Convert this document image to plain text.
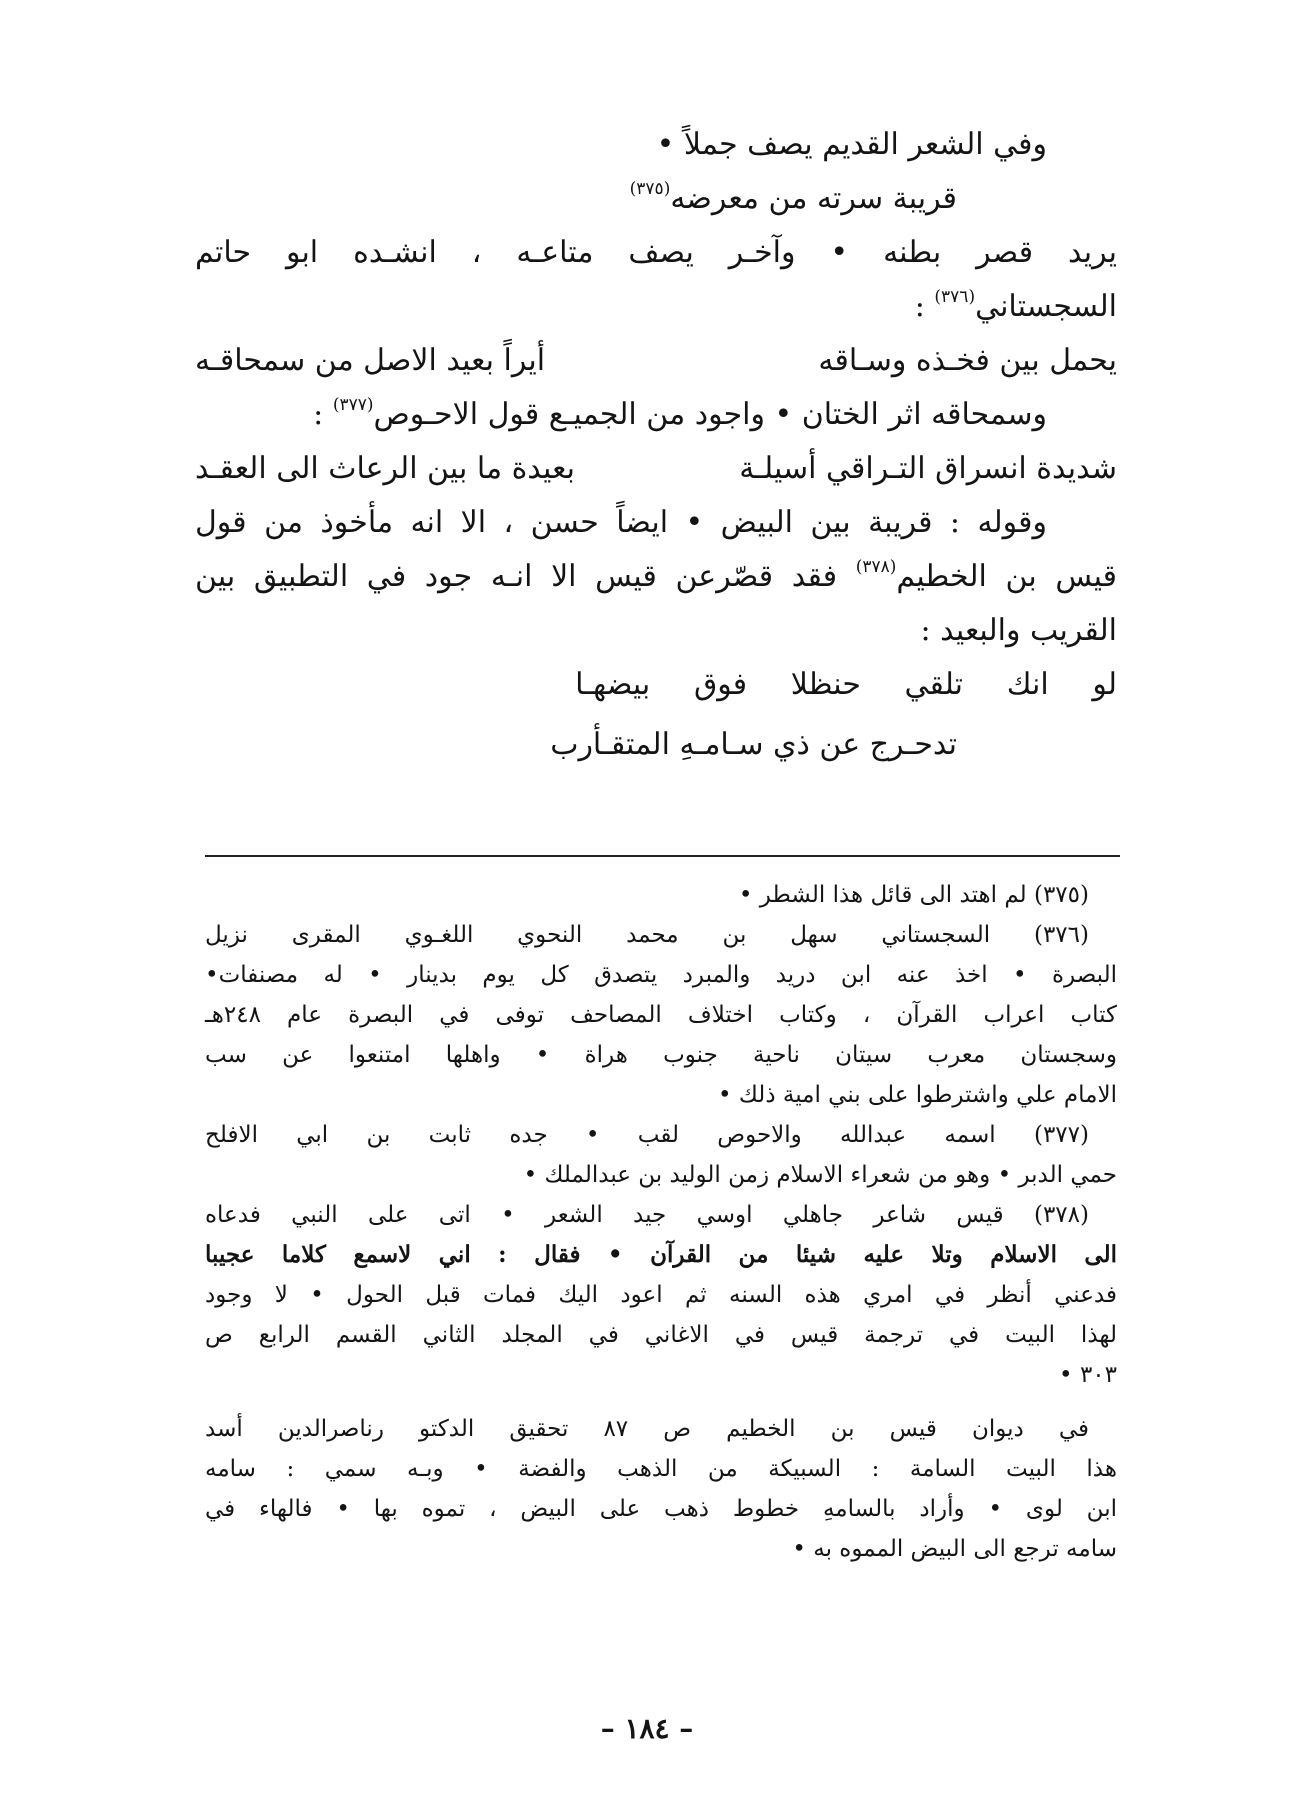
وفي الشعر القديم يصف جملاً •
قريبة سرته من معرضه$^{(٣٧٥)}$
يريد قصر بطنه • وآخـر يصف متاعـه ، انشـده ابو حاتم
السجستاني$^{(٣٧٦)}$ :
يحمل بين فخـذه وسـاقه
أيراً بعيد الاصل من سمحاقـه
وسمحاقه اثر الختان • واجود من الجميـع قول الاحـوص$^{(٣٧٧)}$ :
شديدة انسراق التـراقي أسيلـة
بعيدة ما بين الرعاث الى العقـد
وقوله : قريبة بين البيض • ايضاً حسن ، الا انه مأخوذ من قول
قيس بن الخطيم$^{(٣٧٨)}$ فقد قصّرعن قيس الا انـه جود في التطبيق بين
القريب والبعيد :
لو
انك
تلقي
حنظلا
فوق
بيضهـا
تدحـرج عن ذي سـامـهِ المتقـأرب
(٣٧٥) لم اهتد الى قائل هذا الشطر •
(٣٧٦) السجستاني سهل بن محمد النحوي اللغـوي المقرى نزيل
البصرة • اخذ عنه ابن دريد والمبرد يتصدق كل يوم بدينار • له مصنفات•
كتاب اعراب القرآن ، وكتاب اختلاف المصاحف توفى في البصرة عام ٢٤٨هـ
وسجستان معرب سيتان ناحية جنوب هراة • واهلها امتنعوا عن سب
الامام علي واشترطوا على بني امية ذلك •
(٣٧٧) اسمه عبدالله والاحوص لقب • جده ثابت بن ابي الافلح
حمي الدبر • وهو من شعراء الاسلام زمن الوليد بن عبدالملك •
(٣٧٨) قيس شاعر جاهلي اوسي جيد الشعر • اتى على النبي فدعاه
الى الاسلام وتلا عليه شيئا من القرآن • فقال : اني لاسمع كلاما عجيبا
فدعني أنظر في امري هذه السنه ثم اعود اليك فمات قبل الحول • لا وجود
لهذا البيت في ترجمة قيس في الاغاني في المجلد الثاني القسم الرابع ص
٣٠٣ •
في ديوان قيس بن الخطيم ص ٨٧ تحقيق الدكتو رناصرالدين أسد
هذا البيت السامة : السبيكة من الذهب والفضة • وبـه سمي : سامه
ابن لوى • وأراد بالسامهِ خطوط ذهب على البيض ، تموه بها • فالهاء في
سامه ترجع الى البيض المموه به •
– ١٨٤ –
